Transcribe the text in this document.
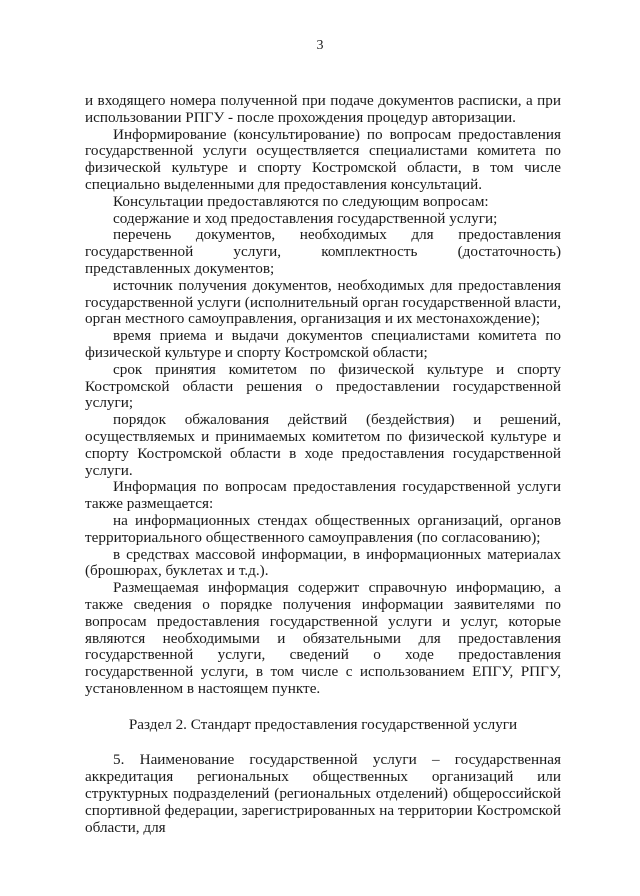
3

и входящего номера полученной при подаче документов расписки, а при использовании РПГУ - после прохождения процедур авторизации.

Информирование (консультирование) по вопросам предоставления государственной услуги осуществляется специалистами комитета по физической культуре и спорту Костромской области, в том числе специально выделенными для предоставления консультаций.

Консультации предоставляются по следующим вопросам:

содержание и ход предоставления государственной услуги;

перечень документов, необходимых для предоставления государственной услуги, комплектность (достаточность) представленных документов;

источник получения документов, необходимых для предоставления государственной услуги (исполнительный орган государственной власти, орган местного самоуправления, организация и их местонахождение);

время приема и выдачи документов специалистами комитета по физической культуре и спорту Костромской области;

срок принятия комитетом по физической культуре и спорту Костромской области решения о предоставлении государственной услуги;

порядок обжалования действий (бездействия) и решений, осуществляемых и принимаемых комитетом по физической культуре и спорту Костромской области в ходе предоставления государственной услуги.

Информация по вопросам предоставления государственной услуги также размещается:

на информационных стендах общественных организаций, органов территориального общественного самоуправления (по согласованию);

в средствах массовой информации, в информационных материалах (брошюрах, буклетах и т.д.).

Размещаемая информация содержит справочную информацию, а также сведения о порядке получения информации заявителями по вопросам предоставления государственной услуги и услуг, которые являются необходимыми и обязательными для предоставления государственной услуги, сведений о ходе предоставления государственной услуги, в том числе с использованием ЕПГУ, РПГУ, установленном в настоящем пункте.

Раздел 2. Стандарт предоставления государственной услуги

5. Наименование государственной услуги – государственная аккредитация региональных общественных организаций или структурных подразделений (региональных отделений) общероссийской спортивной федерации, зарегистрированных на территории Костромской области, для
